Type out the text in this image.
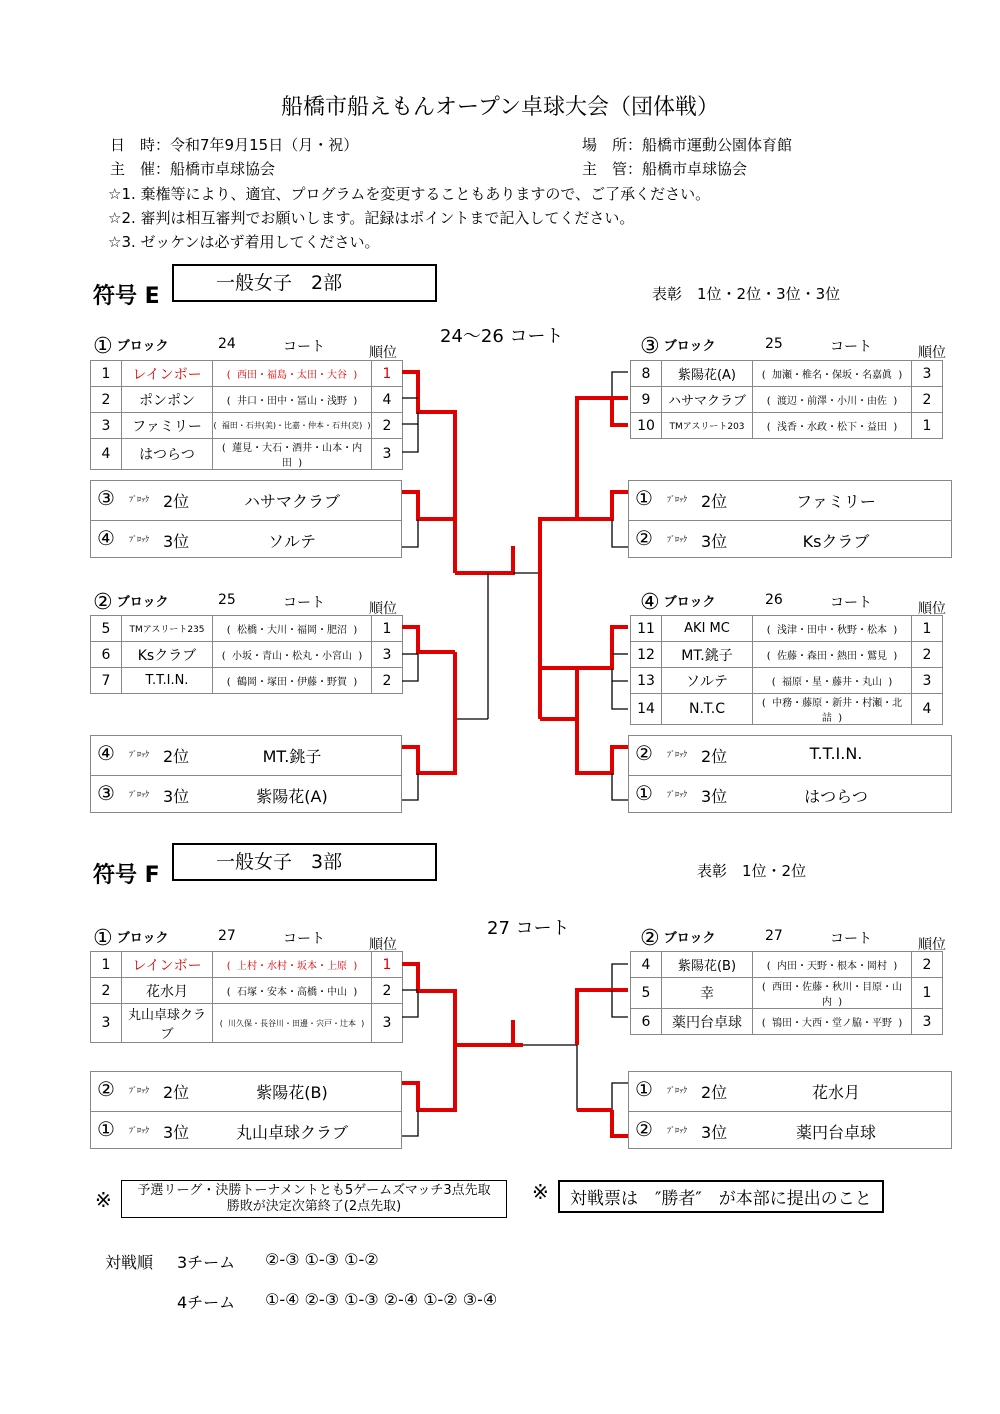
船橋市船えもんオープン卓球大会（団体戦）
日　時：令和7年9月15日（月・祝）	場　所：船橋市運動公園体育館
主　催：船橋市卓球協会	主　管：船橋市卓球協会
☆1. 棄権等により、適宜、プログラムを変更することもありますので、ご了承ください。
☆2. 審判は相互審判でお願いします。記録はポイントまで記入してください。
☆3. ゼッケンは必ず着用してください。
符号 E
一般女子　2部	表彰　1位・2位・3位・3位
24～26 コート
① ブロック	24	コート	順位
1	レインボー	(  西田・福島・太田・大谷  )	1
2	ポンポン	(  井口・田中・冨山・浅野  )	4
3	ファミリー	(  福田・石井(美)・比嘉・仲本・石井(克)  )	2
4	はつらつ	(  蓮見・大石・酒井・山本・内田  )	3
② ブロック	25	コート	順位
5	TMアスリート235	(  松橋・大川・福岡・肥沼  )	1
6	Ksクラブ	(  小坂・青山・松丸・小宮山  )	3
7	T.T.I.N.	(  鶴岡・塚田・伊藤・野賀  )	2
③ ブロック	25	コート	順位
8	紫陽花(A)	(  加瀬・椎名・保坂・名嘉眞  )	3
9	ハサマクラブ	(  渡辺・前澤・小川・由佐  )	2
10	TMアスリート203	(  浅香・水政・松下・益田  )	1
④ ブロック	26	コート	順位
11	AKI MC	(  浅津・田中・秋野・松本  )	1
12	MT.銚子	(  佐藤・森田・熱田・鷲見  )	2
13	ソルテ	(  福原・星・藤井・丸山  )	3
14	N.T.C	(  中務・藤原・新井・村瀬・北詰  )	4
① ブロック	27	コート	順位
1	レインボー	(  上村・水村・坂本・上原  )	1
2	花水月	(  石塚・安本・高橋・中山  )	2
3	丸山卓球クラブ	(  川久保・長谷川・田邊・宍戸・辻本  )	3
② ブロック	27	コート	順位
4	紫陽花(B)	(  内田・天野・根本・岡村  )	2
5	幸	(  西田・佐藤・秋川・目原・山内  )	1
6	薬円台卓球	(  鴇田・大西・堂ノ脇・平野  )	3
③ ﾌﾞﾛｯｸ 2位	ハサマクラブ
④ ﾌﾞﾛｯｸ 3位	ソルテ
④ ﾌﾞﾛｯｸ 2位	MT.銚子
③ ﾌﾞﾛｯｸ 3位	紫陽花(A)
① ﾌﾞﾛｯｸ 2位	ファミリー
② ﾌﾞﾛｯｸ 3位	Ksクラブ
② ﾌﾞﾛｯｸ 2位	T.T.I.N.
① ﾌﾞﾛｯｸ 3位	はつらつ
② ﾌﾞﾛｯｸ 2位	紫陽花(B)
① ﾌﾞﾛｯｸ 3位	丸山卓球クラブ
① ﾌﾞﾛｯｸ 2位	花水月
② ﾌﾞﾛｯｸ 3位	薬円台卓球
符号 F
一般女子　3部	表彰　1位・2位
27 コート
※	予選リーグ・決勝トーナメントとも5ゲームズマッチ3点先取
勝敗が決定次第終了(2点先取)
※	対戦票は　″勝者″　が本部に提出のこと
対戦順 3チーム ②-③ ①-③ ①-②
4チーム ①-④ ②-③ ①-③ ②-④ ①-② ③-④
